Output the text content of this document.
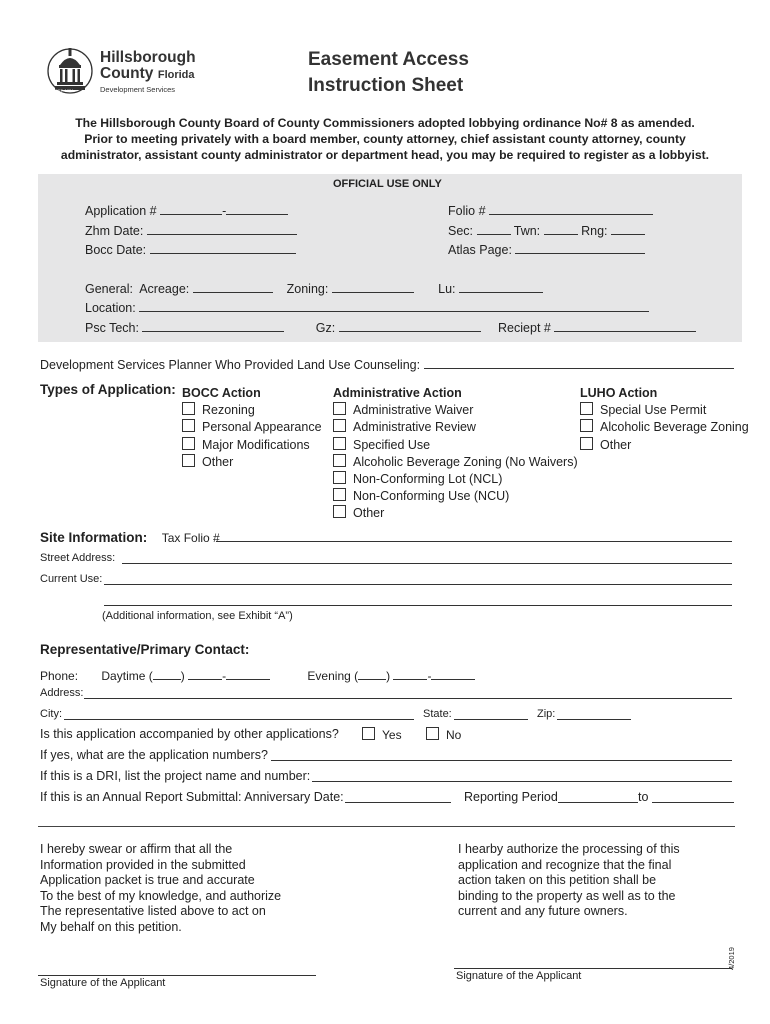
EST. 1834
Hillsborough
County Florida
Development Services
Easement Access
Instruction Sheet
The Hillsborough County Board of County Commissioners adopted lobbying ordinance No# 8 as amended.
Prior to meeting privately with a board member, county attorney, chief assistant county attorney, county
administrator, assistant county administrator or department head, you may be required to register as a lobbyist.
OFFICIAL USE ONLY
Application #	-
Zhm Date:
Bocc Date:
Folio #
Sec:	Twn:	Rng:
Atlas Page:
General: Acreage:	Zoning:	Lu:
Location:
Psc Tech:	Gz:	Reciept #
Development Services Planner Who Provided Land Use Counseling:
Types of Application: BOCC Action
Rezoning
Personal Appearance
Major Modifications
Other
Administrative Action
Administrative Waiver
Administrative Review
Specified Use
Alcoholic Beverage Zoning (No Waivers)
Non-Conforming Lot (NCL)
Non-Conforming Use (NCU)
Other
LUHO Action
Special Use Permit
Alcoholic Beverage Zoning
Other
Site Information: Tax Folio #
Street Address:
Current Use:
(Additional information, see Exhibit “A”)
Representative/Primary Contact:
Phone: Daytime ( )	-	Evening ( )	-
Address:
City:	State:	Zip:
Is this application accompanied by other applications?	Yes	No
If yes, what are the application numbers?
If this is a DRI, list the project name and number:
If this is an Annual Report Submittal: Anniversary Date:	Reporting Period	to
I hereby swear or affirm that all the
Information provided in the submitted
Application packet is true and accurate
To the best of my knowledge, and authorize
The representative listed above to act on
My behalf on this petition.
I hearby authorize the processing of this
application and recognize that the final
action taken on this petition shall be
binding to the property as well as to the
current and any future owners.
Signature of the Applicant
Signature of the Applicant
4/2019
